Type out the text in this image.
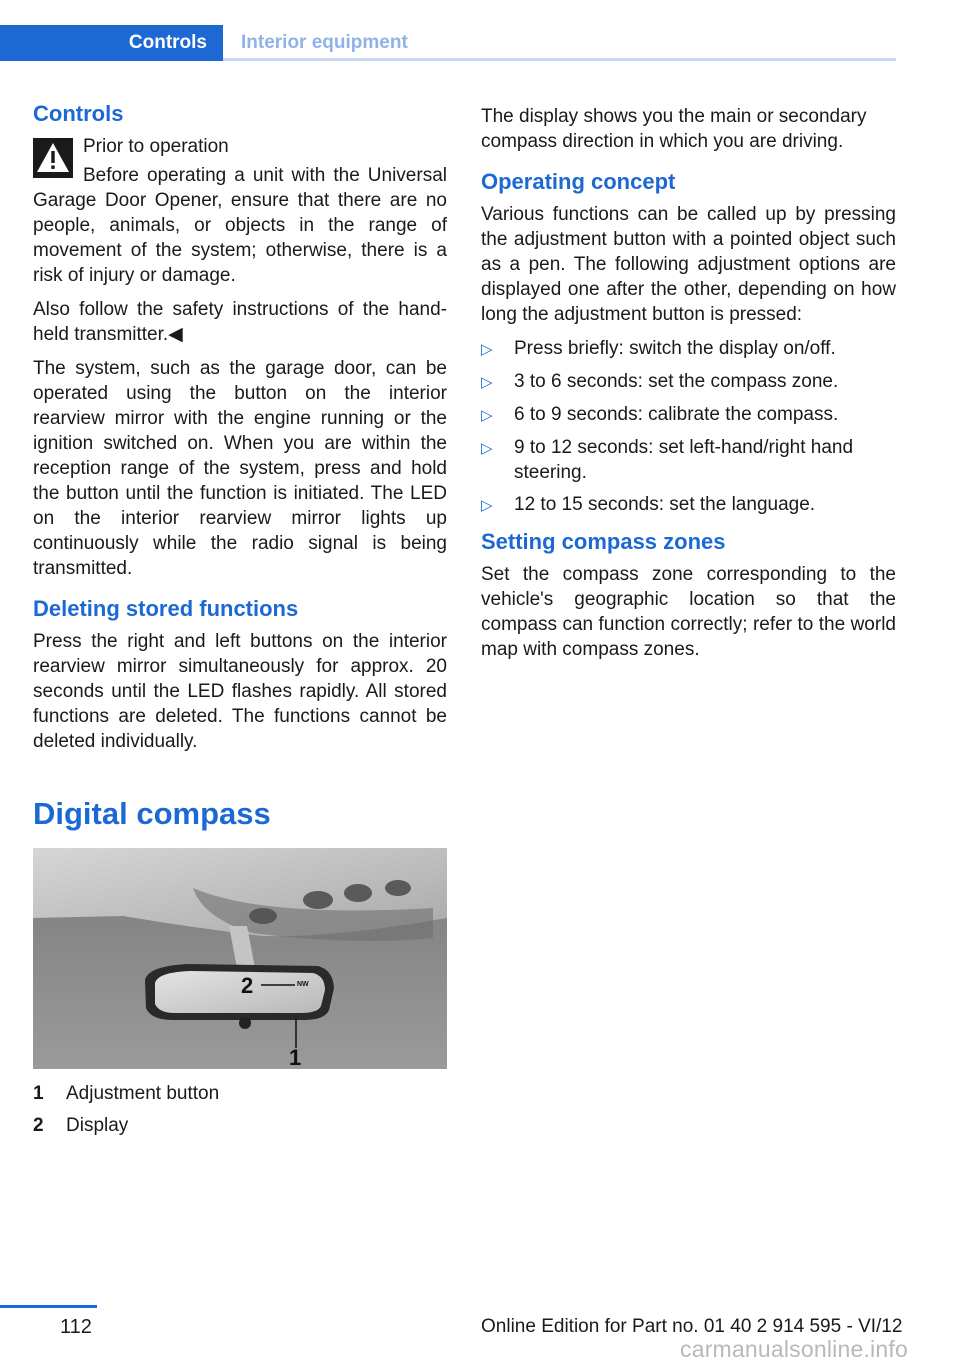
Controls	Interior equipment
Controls
Prior to operation

Before operating a unit with the Universal Garage Door Opener, ensure that there are no people, animals, or objects in the range of movement of the system; otherwise, there is a risk of injury or damage.

Also follow the safety instructions of the hand-held transmitter.◀

The system, such as the garage door, can be operated using the button on the interior rearview mirror with the engine running or the ignition switched on. When you are within the reception range of the system, press and hold the button until the function is initiated. The LED on the interior rearview mirror lights up continuously while the radio signal is being transmitted.

Deleting stored functions

Press the right and left buttons on the interior rearview mirror simultaneously for approx. 20 seconds until the LED flashes rapidly. All stored functions are deleted. The functions cannot be deleted individually.

Digital compass
2	NW
1
1	Adjustment button
2	Display

The display shows you the main or secondary compass direction in which you are driving.

Operating concept

Various functions can be called up by pressing the adjustment button with a pointed object such as a pen. The following adjustment options are displayed one after the other, depending on how long the adjustment button is pressed:

▷	Press briefly: switch the display on/off.
▷	3 to 6 seconds: set the compass zone.
▷	6 to 9 seconds: calibrate the compass.
▷	9 to 12 seconds: set left-hand/right hand steering.
▷	12 to 15 seconds: set the language.
Setting compass zones

Set the compass zone corresponding to the vehicle's geographic location so that the compass can function correctly; refer to the world map with compass zones.

112	Online Edition for Part no. 01 40 2 914 595 - VI/12
carmanualsonline.info
